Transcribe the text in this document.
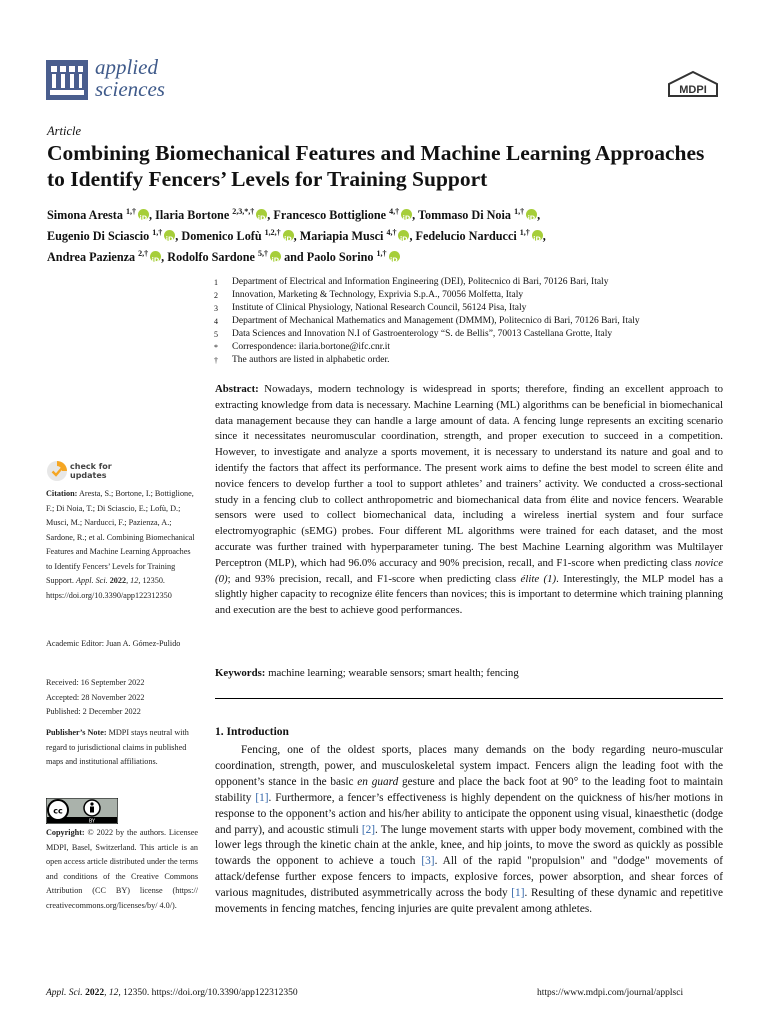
applied
sciences	MDPI
Article
Combining Biomechanical Features and Machine Learning Approaches to Identify Fencers’ Levels for Training Support
Simona Aresta $^{1,\dagger}$ iD , Ilaria Bortone $^{2,3,*,\dagger}$ iD , Francesco Bottiglione $^{4,\dagger}$ iD , Tommaso Di Noia $^{1,\dagger}$ iD ,
Eugenio Di Sciascio $^{1,\dagger}$ iD , Domenico Lofù $^{1,2,\dagger}$ iD , Mariapia Musci $^{4,\dagger}$ iD , Fedelucio Narducci $^{1,\dagger}$ iD ,
Andrea Pazienza $^{2,\dagger}$ iD , Rodolfo Sardone $^{5,\dagger}$ iD and Paolo Sorino $^{1,\dagger}$iD
1	Department of Electrical and Information Engineering (DEI), Politecnico di Bari, 70126 Bari, Italy
2	Innovation, Marketing & Technology, Exprivia S.p.A., 70056 Molfetta, Italy
3	Institute of Clinical Physiology, National Research Council, 56124 Pisa, Italy
4	Department of Mechanical Mathematics and Management (DMMM), Politecnico di Bari, 70126 Bari, Italy
5	Data Sciences and Innovation N.I of Gastroenterology “S. de Bellis”, 70013 Castellana Grotte, Italy
*	Correspondence: ilaria.bortone@ifc.cnr.it
†	The authors are listed in alphabetic order.
Abstract: Nowadays, modern technology is widespread in sports; therefore, finding an excellent approach to extracting knowledge from data is necessary. Machine Learning (ML) algorithms can be beneficial in biomechanical data management because they can handle a large amount of data. A fencing lunge represents an exciting scenario since it necessitates neuromuscular coordination, strength, and proper execution to succeed in a competition. However, to investigate and analyze a sports movement, it is necessary to understand its nature and goal and to identify the factors that affect its performance. The present work aims to define the best model to screen élite and novice fencers to develop further a tool to support athletes’ and trainers’ activity. We conducted a cross-sectional study in a fencing club to collect anthropometric and biomechanical data from élite and novice fencers. Wearable sensors were used to collect biomechanical data, including a wireless inertial system and four surface electromyographic (sEMG) probes. Four different ML algorithms were trained for each dataset, and the most accurate was further trained with hyperparameter tuning. The best Machine Learning algorithm was Multilayer Perceptron (MLP), which had 96.0% accuracy and 90% precision, recall, and F1-score when predicting class novice (0); and 93% precision, recall, and F1-score when predicting class élite (1). Interestingly, the MLP model has a slightly higher capacity to recognize élite fencers than novices; this is important to determine which training planning and execution are the best to achieve good performances.
Keywords: machine learning; wearable sensors; smart health; fencing
check for
updates
Citation: Aresta, S.; Bortone, I.; Bottiglione, F.; Di Noia, T.; Di Sciascio, E.; Lofù, D.; Musci, M.; Narducci, F.; Pazienza, A.; Sardone, R.; et al. Combining Biomechanical Features and Machine Learning Approaches to Identify Fencers’ Levels for Training Support. Appl. Sci. 2022, 12, 12350. https://doi.org/10.3390/app122312350
Academic Editor: Juan A. Gómez-Pulido
Received: 16 September 2022
Accepted: 28 November 2022
Published: 2 December 2022
Publisher’s Note: MDPI stays neutral with regard to jurisdictional claims in published maps and institutional affiliations.
cc
BY
Copyright: © 2022 by the authors. Licensee MDPI, Basel, Switzerland. This article is an open access article distributed under the terms and conditions of the Creative Commons Attribution (CC BY) license (https:// creativecommons.org/licenses/by/ 4.0/).
1. Introduction
Fencing, one of the oldest sports, places many demands on the body regarding neuro-muscular coordination, strength, power, and musculoskeletal system impact. Fencers align the leading foot with the opponent’s stance in the basic en guard gesture and place the back foot at 90° to the leading foot to maintain stability [1]. Furthermore, a fencer’s effectiveness is highly dependent on the quickness of his/her motions in response to the opponent’s action and his/her ability to anticipate the opponent using visual, kinaesthetic (dodge and parry), and acoustic stimuli [2]. The lunge movement starts with upper body movement, combined with the lower legs through the kinetic chain at the ankle, knee, and hip joints, to move the sword as quickly as possible towards the opponent to achieve a touch [3]. All of the rapid "propulsion" and "dodge" movements of attack/defense further expose fencers to impacts, explosive forces, power absorption, and shear forces of various magnitudes, distributed asymmetrically across the body [1]. Resulting of these dynamic and repetitive movements in fencing matches, fencing injuries are quite prevalent among athletes.
Appl. Sci. 2022, 12, 12350. https://doi.org/10.3390/app122312350	https://www.mdpi.com/journal/applsci
